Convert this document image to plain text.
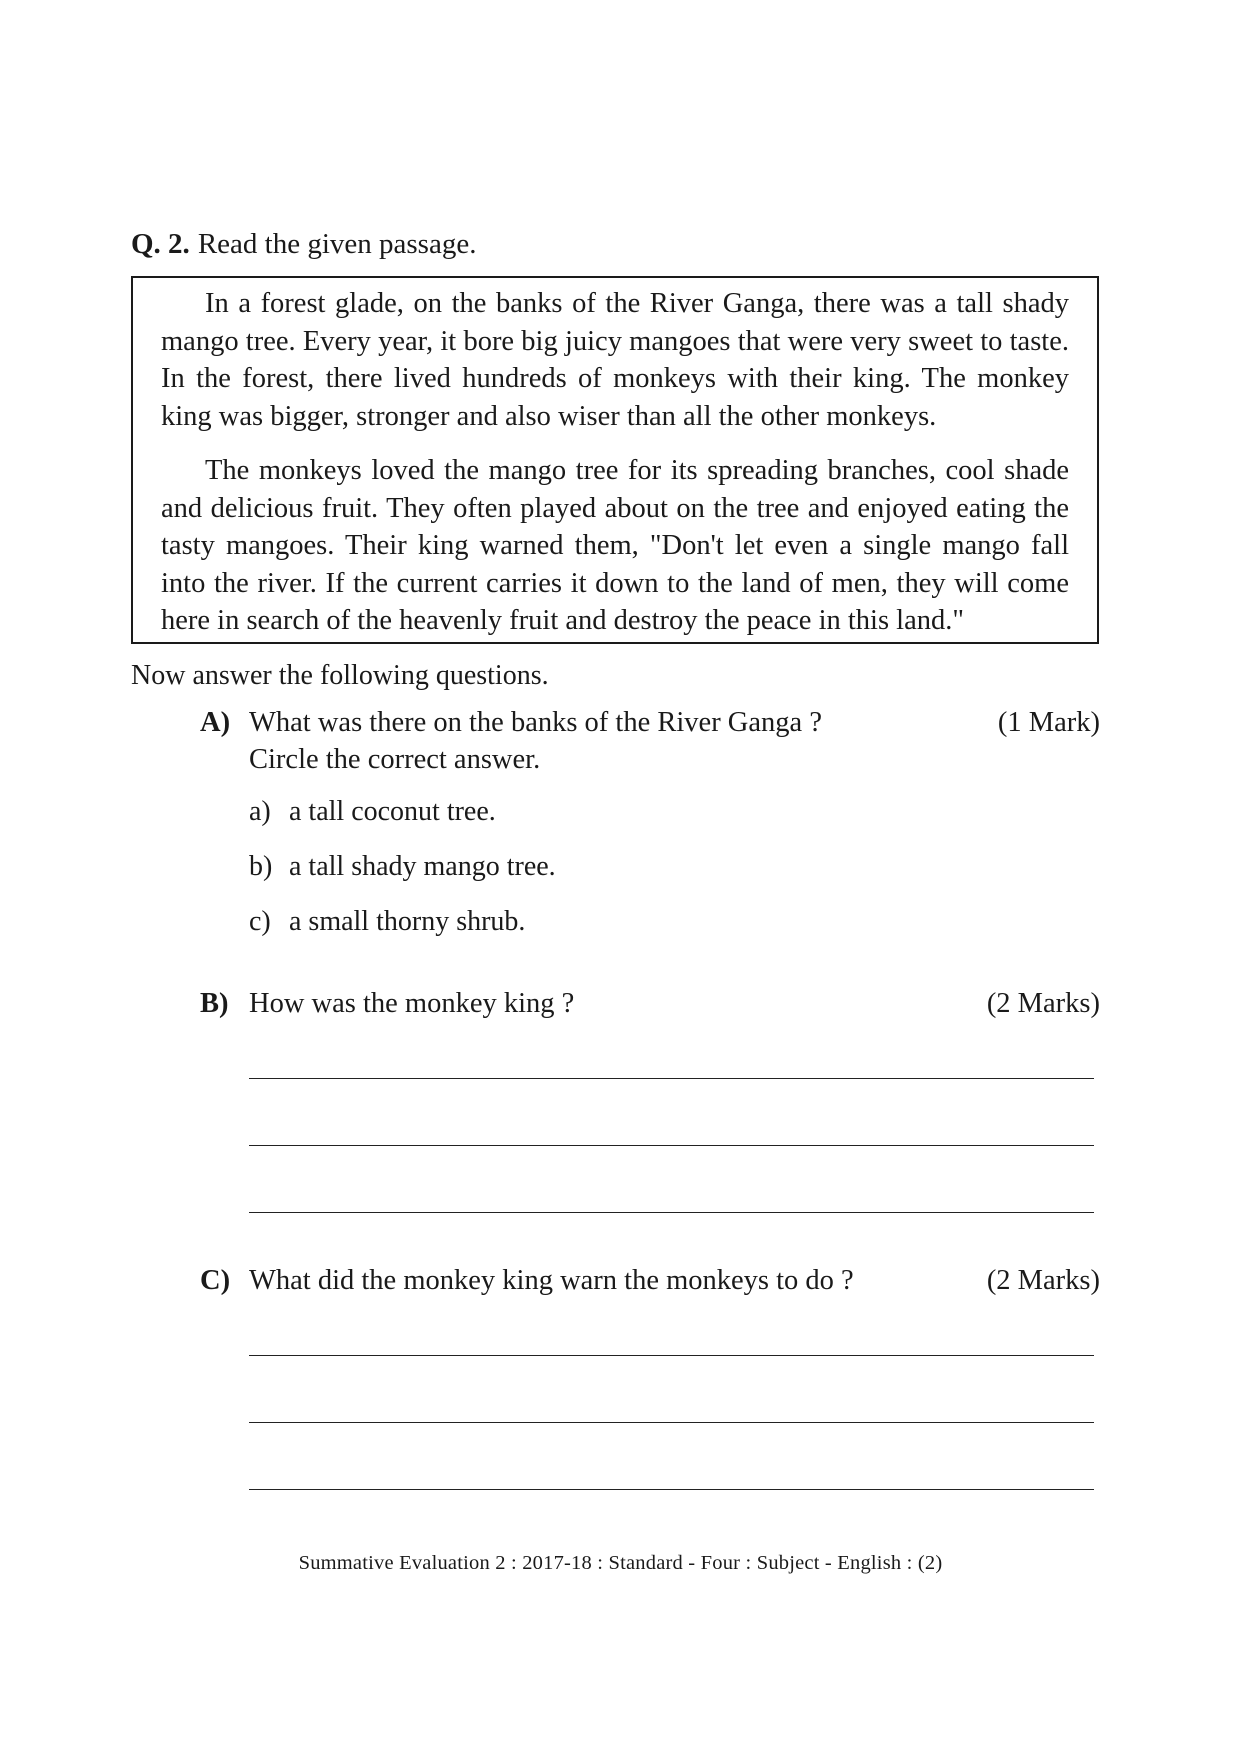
Q. 2. Read the given passage.

In a forest glade, on the banks of the River Ganga, there was a tall shady mango tree. Every year, it bore big juicy mangoes that were very sweet to taste. In the forest, there lived hundreds of monkeys with their king. The monkey king was bigger, stronger and also wiser than all the other monkeys.

The monkeys loved the mango tree for its spreading branches, cool shade and delicious fruit. They often played about on the tree and enjoyed eating the tasty mangoes. Their king warned them, "Don't let even a single mango fall into the river. If the current carries it down to the land of men, they will come here in search of the heavenly fruit and destroy the peace in this land."

Now answer the following questions.
A) What was there on the banks of the River Ganga ?
Circle the correct answer.
(1 Mark)
a) a tall coconut tree.
b) a tall shady mango tree.
c) a small thorny shrub.
B) How was the monkey king ?	(2 Marks)
C) What did the monkey king warn the monkeys to do ?	(2 Marks)
Summative Evaluation 2 : 2017-18 : Standard - Four : Subject - English : (2)
